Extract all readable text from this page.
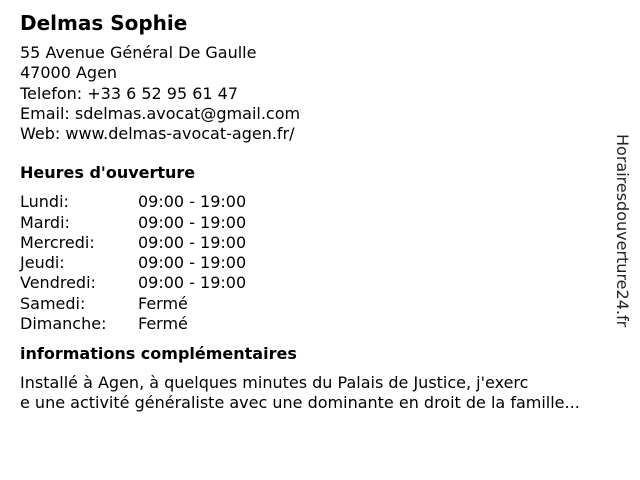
Delmas Sophie
55 Avenue Général De Gaulle
47000 Agen
Telefon: +33 6 52 95 61 47
Email: sdelmas.avocat@gmail.com
Web: www.delmas-avocat-agen.fr/
Heures d'ouverture
Lundi:	09:00 - 19:00
Mardi:	09:00 - 19:00
Mercredi:	09:00 - 19:00
Jeudi:	09:00 - 19:00
Vendredi:	09:00 - 19:00
Samedi:	Fermé
Dimanche:	Fermé
informations complémentaires
Installé à Agen, à quelques minutes du Palais de Justice, j'exerc
e une activité généraliste avec une dominante en droit de la famille...
Horairesdouverture24.fr
